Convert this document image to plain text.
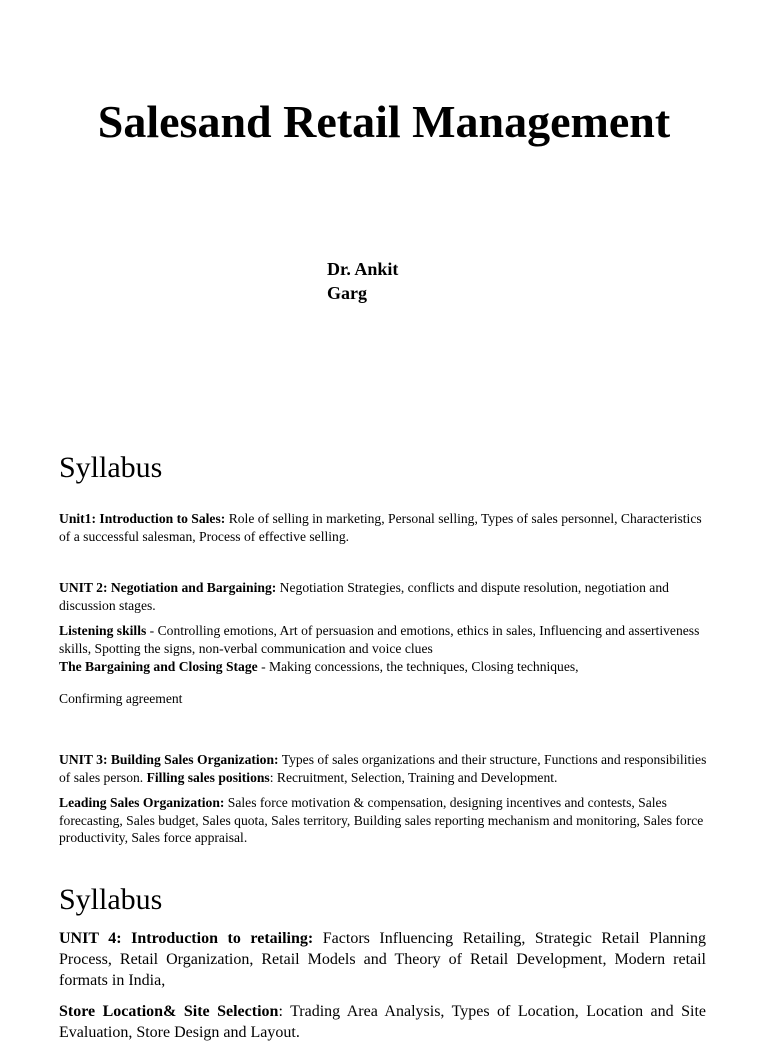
Salesand Retail Management
Dr. Ankit
Garg
Syllabus

Unit1: Introduction to Sales: Role of selling in marketing, Personal selling, Types of sales personnel, Characteristics of a successful salesman, Process of effective selling.

UNIT 2: Negotiation and Bargaining: Negotiation Strategies, conflicts and dispute resolution, negotiation and discussion stages.

Listening skills - Controlling emotions, Art of persuasion and emotions, ethics in sales, Influencing and assertiveness skills, Spotting the signs, non-verbal communication and voice clues

The Bargaining and Closing Stage - Making concessions, the techniques, Closing techniques,

Confirming agreement

UNIT 3: Building Sales Organization: Types of sales organizations and their structure, Functions and responsibilities of sales person. Filling sales positions: Recruitment, Selection, Training and Development.

Leading Sales Organization: Sales force motivation & compensation, designing incentives and contests, Sales forecasting, Sales budget, Sales quota, Sales territory, Building sales reporting mechanism and monitoring, Sales force productivity, Sales force appraisal.

Syllabus

UNIT 4: Introduction to retailing: Factors Influencing Retailing, Strategic Retail Planning Process, Retail Organization, Retail Models and Theory of Retail Development, Modern retail formats in India,

Store Location& Site Selection: Trading Area Analysis, Types of Location, Location and Site Evaluation, Store Design and Layout.
